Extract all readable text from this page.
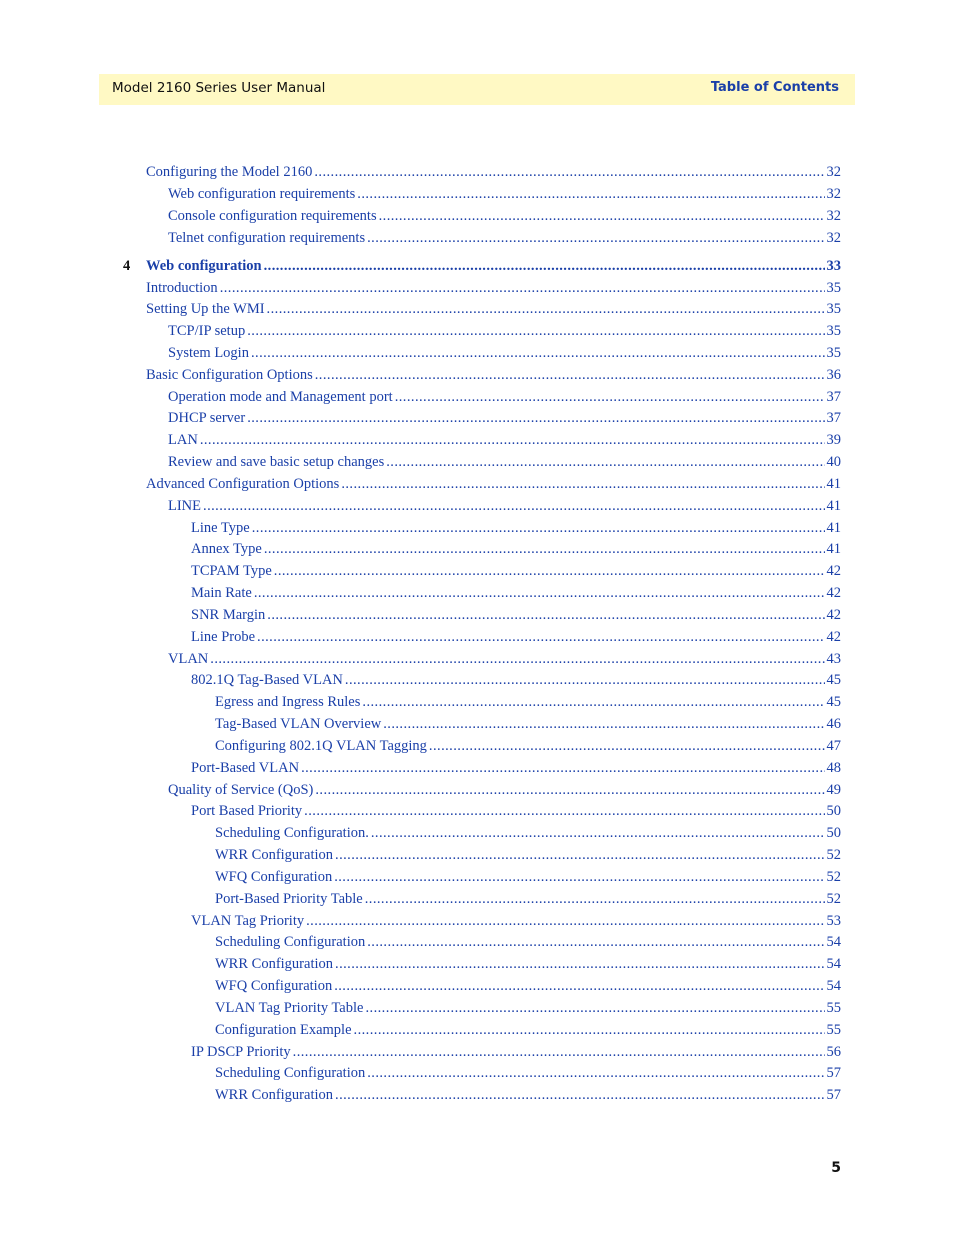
Model 2160 Series User Manual	Table of Contents
4
Configuring the Model 2160 . . .	32
Web configuration requirements . . .	32
Console configuration requirements . . .	32
Telnet configuration requirements . . .	32
Web configuration . . .	33
Introduction . . .	35
Setting Up the WMI . . .	35
TCP/IP setup . . .	35
System Login . . .	35
Basic Configuration Options . . .	36
Operation mode and Management port . . .	37
DHCP server . . .	37
LAN . . .	39
Review and save basic setup changes . . .	40
Advanced Configuration Options . . .	41
LINE . . .	41
Line Type . . .	41
Annex Type . . .	41
TCPAM Type . . .	42
Main Rate . . .	42
SNR Margin . . .	42
Line Probe . . .	42
VLAN . . .	43
802.1Q Tag-Based VLAN . . .	45
Egress and Ingress Rules . . .	45
Tag-Based VLAN Overview . . .	46
Configuring 802.1Q VLAN Tagging . . .	47
Port-Based VLAN . . .	48
Quality of Service (QoS) . . .	49
Port Based Priority . . .	50
Scheduling Configuration. . . .	50
WRR Configuration . . .	52
WFQ Configuration . . .	52
Port-Based Priority Table . . .	52
VLAN Tag Priority . . .	53
Scheduling Configuration . . .	54
WRR Configuration . . .	54
WFQ Configuration . . .	54
VLAN Tag Priority Table . . .	55
Configuration Example . . .	55
IP DSCP Priority . . .	56
Scheduling Configuration . . .	57
WRR Configuration . . .	57
5
